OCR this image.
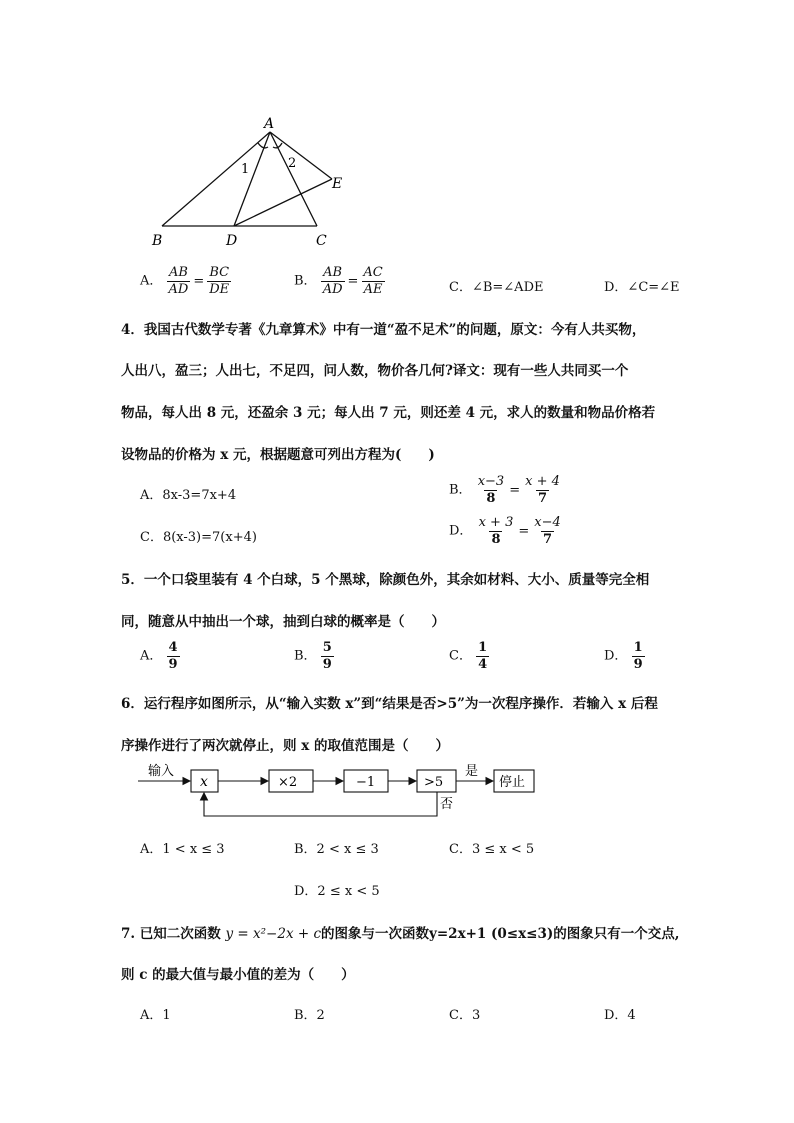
A
B	D	C
E
1	2
A． $\frac{AB}{AD} = \frac{BC}{DE}$	B． $\frac{AB}{AD} = \frac{AC}{AE}$	C．∠B=∠ADE	D．∠C=∠E
4．我国古代数学专著《九章算术》中有一道“盈不足术”的问题，原文：今有人共买物，
人出八，盈三；人出七，不足四，问人数，物价各几何?译文：现有一些人共同买一个
物品，每人出 8 元，还盈余 3 元；每人出 7 元，则还差 4 元，求人的数量和物品价格若
设物品的价格为 x 元，根据题意可列出方程为(　　)
A．8x-3=7x+4	B． $\frac{x-3}{8} = \frac{x + 4}{7}$
C．8(x-3)=7(x+4)	D． $\frac{x + 3}{8} = \frac{x-4}{7}$
5．一个口袋里装有 4 个白球，5 个黑球，除颜色外，其余如材料、大小、质量等完全相
同，随意从中抽出一个球，抽到白球的概率是（　　）
A． $\frac{4}{9}$	B． $\frac{5}{9}$	C． $\frac{1}{4}$	D． $\frac{1}{9}$
6．运行程序如图所示，从“输入实数 x”到“结果是否>5”为一次程序操作．若输入 x 后程
序操作进行了两次就停止，则 x 的取值范围是（　　）
输入
x	×2	−1	>5
是
停止
否
A．1 < x ≤ 3	B．2 < x ≤ 3	C．3 ≤ x < 5
D．2 ≤ x < 5
7. 已知二次函数 y = x²−2x + c的图象与一次函数y=2x+1 (0≤x≤3)的图象只有一个交点,
则 c 的最大值与最小值的差为（　　）
A．1	B．2	C．3	D．4
